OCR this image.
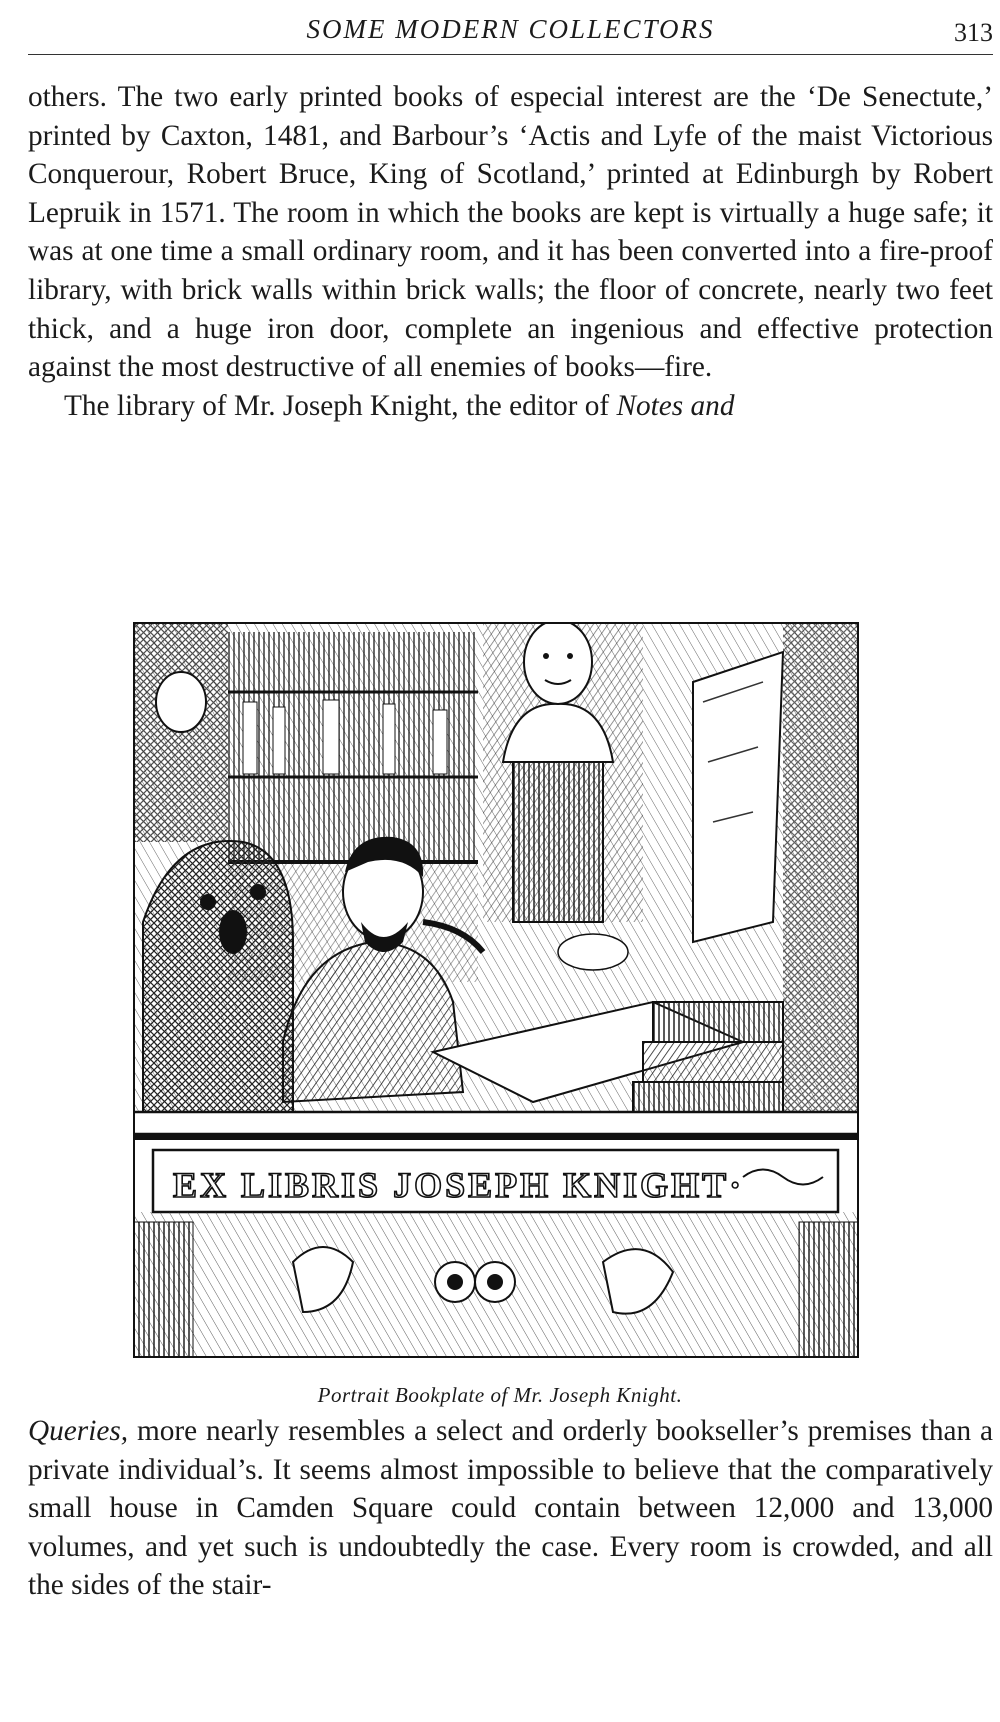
SOME MODERN COLLECTORS	313

others. The two early printed books of especial interest are the ‘De Senectute,’ printed by Caxton, 1481, and Barbour’s ‘Actis and Lyfe of the maist Victorious Conquerour, Robert Bruce, King of Scotland,’ printed at Edinburgh by Robert Lepruik in 1571. The room in which the books are kept is virtually a huge safe; it was at one time a small ordinary room, and it has been converted into a fire-proof library, with brick walls within brick walls; the floor of concrete, nearly two feet thick, and a huge iron door, complete an ingenious and effective protection against the most destructive of all enemies of books—fire.

The library of Mr. Joseph Knight, the editor of Notes and

EX LIBRIS JOSEPH KNIGHT·
Portrait Bookplate of Mr. Joseph Knight.

Queries, more nearly resembles a select and orderly bookseller’s premises than a private individual’s. It seems almost impossible to believe that the comparatively small house in Camden Square could contain between 12,000 and 13,000 volumes, and yet such is undoubtedly the case. Every room is crowded, and all the sides of the stair-
